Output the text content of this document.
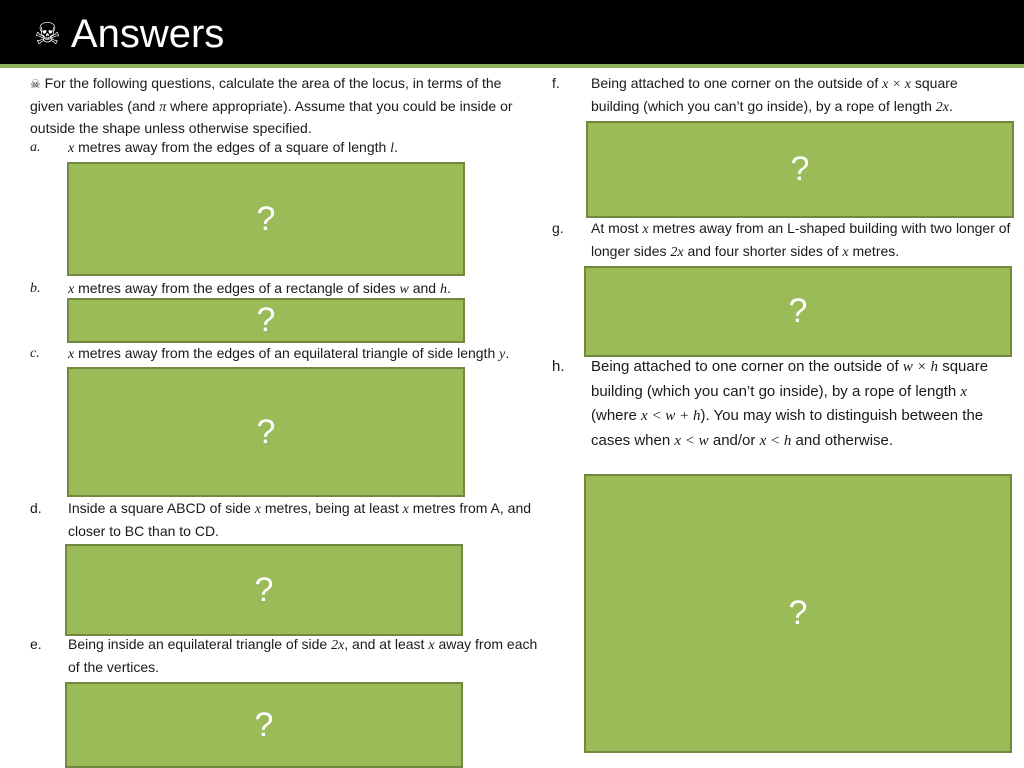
☠ Answers
☠ For the following questions, calculate the area of the locus, in terms of the given variables (and π where appropriate). Assume that you could be inside or outside the shape unless otherwise specified.
a. x metres away from the edges of a square of length l.
?
b. x metres away from the edges of a rectangle of sides w and h.
?
c. x metres away from the edges of an equilateral triangle of side length y.
?
d. Inside a square ABCD of side x metres, being at least x metres from A, and closer to BC than to CD.
?
e. Being inside an equilateral triangle of side 2x, and at least x away from each of the vertices.
?
f. Being attached to one corner on the outside of x × x square building (which you can’t go inside), by a rope of length 2x.
?
g. At most x metres away from an L-shaped building with two longer of longer sides 2x and four shorter sides of x metres.
?
h. Being attached to one corner on the outside of w × h square building (which you can’t go inside), by a rope of length x (where x < w + h). You may wish to distinguish between the cases when x < w and/or x < h and otherwise.
?
